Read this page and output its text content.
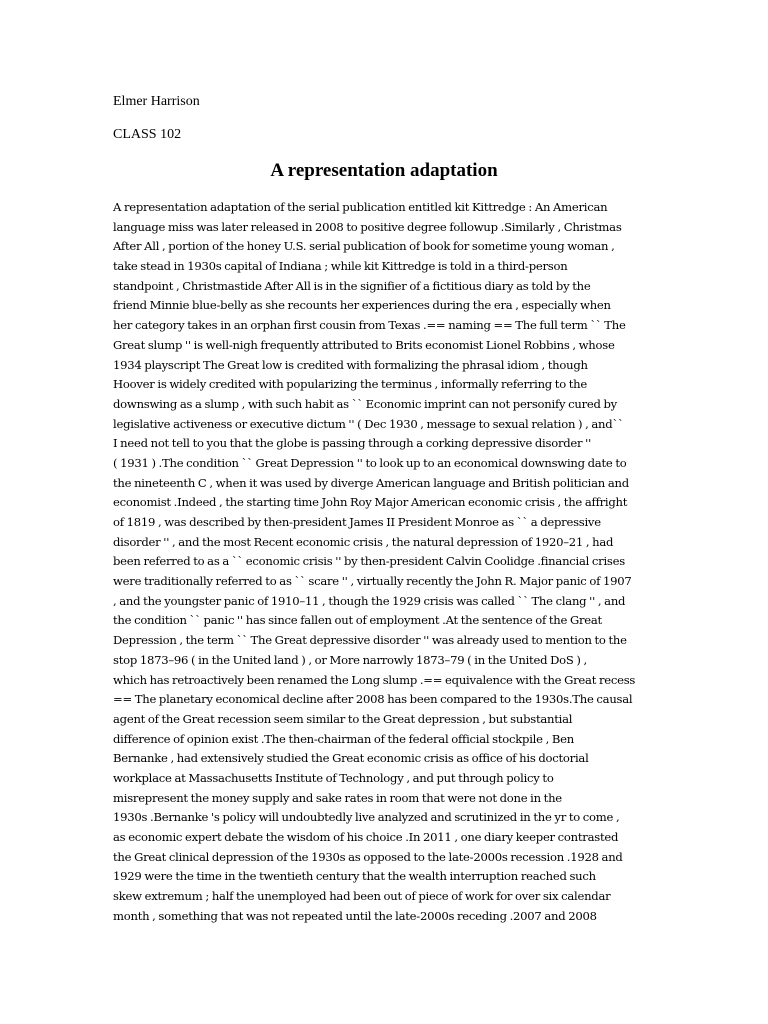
Elmer Harrison
CLASS 102
A representation adaptation
A representation adaptation of the serial publication entitled kit Kittredge : An American
language miss was later released in 2008 to positive degree followup .Similarly , Christmas
After All , portion of the honey U.S. serial publication of book for sometime young woman ,
take stead in 1930s capital of Indiana ; while kit Kittredge is told in a third-person
standpoint , Christmastide After All is in the signifier of a fictitious diary as told by the
friend Minnie blue-belly as she recounts her experiences during the era , especially when
her category takes in an orphan first cousin from Texas .== naming == The full term `` The
Great slump '' is well-nigh frequently attributed to Brits economist Lionel Robbins , whose
1934 playscript The Great low is credited with formalizing the phrasal idiom , though
Hoover is widely credited with popularizing the terminus , informally referring to the
downswing as a slump , with such habit as `` Economic imprint can not personify cured by
legislative activeness or executive dictum '' ( Dec 1930 , message to sexual relation ) , and``
I need not tell to you that the globe is passing through a corking depressive disorder ''
( 1931 ) .The condition `` Great Depression '' to look up to an economical downswing date to
the nineteenth C , when it was used by diverge American language and British politician and
economist .Indeed , the starting time John Roy Major American economic crisis , the affright
of 1819 , was described by then-president James II President Monroe as `` a depressive
disorder '' , and the most Recent economic crisis , the natural depression of 1920–21 , had
been referred to as a `` economic crisis '' by then-president Calvin Coolidge .financial crises
were traditionally referred to as `` scare '' , virtually recently the John R. Major panic of 1907
, and the youngster panic of 1910–11 , though the 1929 crisis was called `` The clang '' , and
the condition `` panic '' has since fallen out of employment .At the sentence of the Great
Depression , the term `` The Great depressive disorder '' was already used to mention to the
stop 1873–96 ( in the United land ) , or More narrowly 1873–79 ( in the United DoS ) ,
which has retroactively been renamed the Long slump .== equivalence with the Great recess
== The planetary economical decline after 2008 has been compared to the 1930s.The causal
agent of the Great recession seem similar to the Great depression , but substantial
difference of opinion exist .The then-chairman of the federal official stockpile , Ben
Bernanke , had extensively studied the Great economic crisis as office of his doctorial
workplace at Massachusetts Institute of Technology , and put through policy to
misrepresent the money supply and sake rates in room that were not done in the
1930s .Bernanke 's policy will undoubtedly live analyzed and scrutinized in the yr to come ,
as economic expert debate the wisdom of his choice .In 2011 , one diary keeper contrasted
the Great clinical depression of the 1930s as opposed to the late-2000s recession .1928 and
1929 were the time in the twentieth century that the wealth interruption reached such
skew extremum ; half the unemployed had been out of piece of work for over six calendar
month , something that was not repeated until the late-2000s receding .2007 and 2008
